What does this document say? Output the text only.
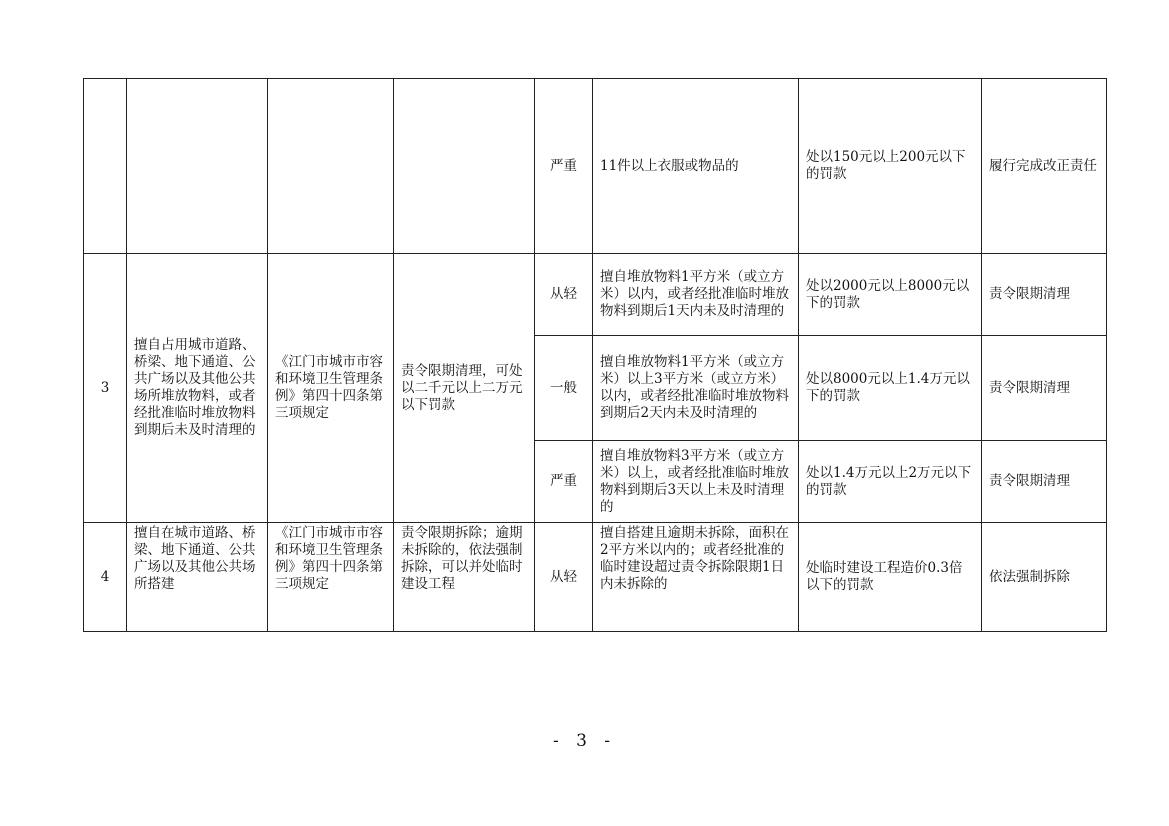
				严重	11件以上衣服或物品的	处以150元以上200元以下的罚款	履行完成改正责任
3	擅自占用城市道路、桥梁、地下通道、公共广场以及其他公共场所堆放物料，或者经批准临时堆放物料到期后未及时清理的	《江门市城市市容和环境卫生管理条例》第四十四条第三项规定	责令限期清理，可处以二千元以上二万元以下罚款	从轻	擅自堆放物料1平方米（或立方米）以内，或者经批准临时堆放物料到期后1天内未及时清理的	处以2000元以上8000元以下的罚款	责令限期清理
				一般	擅自堆放物料1平方米（或立方米）以上3平方米（或立方米）以内，或者经批准临时堆放物料到期后2天内未及时清理的	处以8000元以上1.4万元以下的罚款	责令限期清理
				严重	擅自堆放物料3平方米（或立方米）以上，或者经批准临时堆放物料到期后3天以上未及时清理的	处以1.4万元以上2万元以下的罚款	责令限期清理
4	擅自在城市道路、桥梁、地下通道、公共广场以及其他公共场所搭建	《江门市城市市容和环境卫生管理条例》第四十四条第三项规定	责令限期拆除；逾期未拆除的，依法强制拆除，可以并处临时建设工程	从轻	擅自搭建且逾期未拆除，面积在2平方米以内的；或者经批准的临时建设超过责令拆除限期1日内未拆除的	处临时建设工程造价0.3倍以下的罚款	依法强制拆除
- 3 -
